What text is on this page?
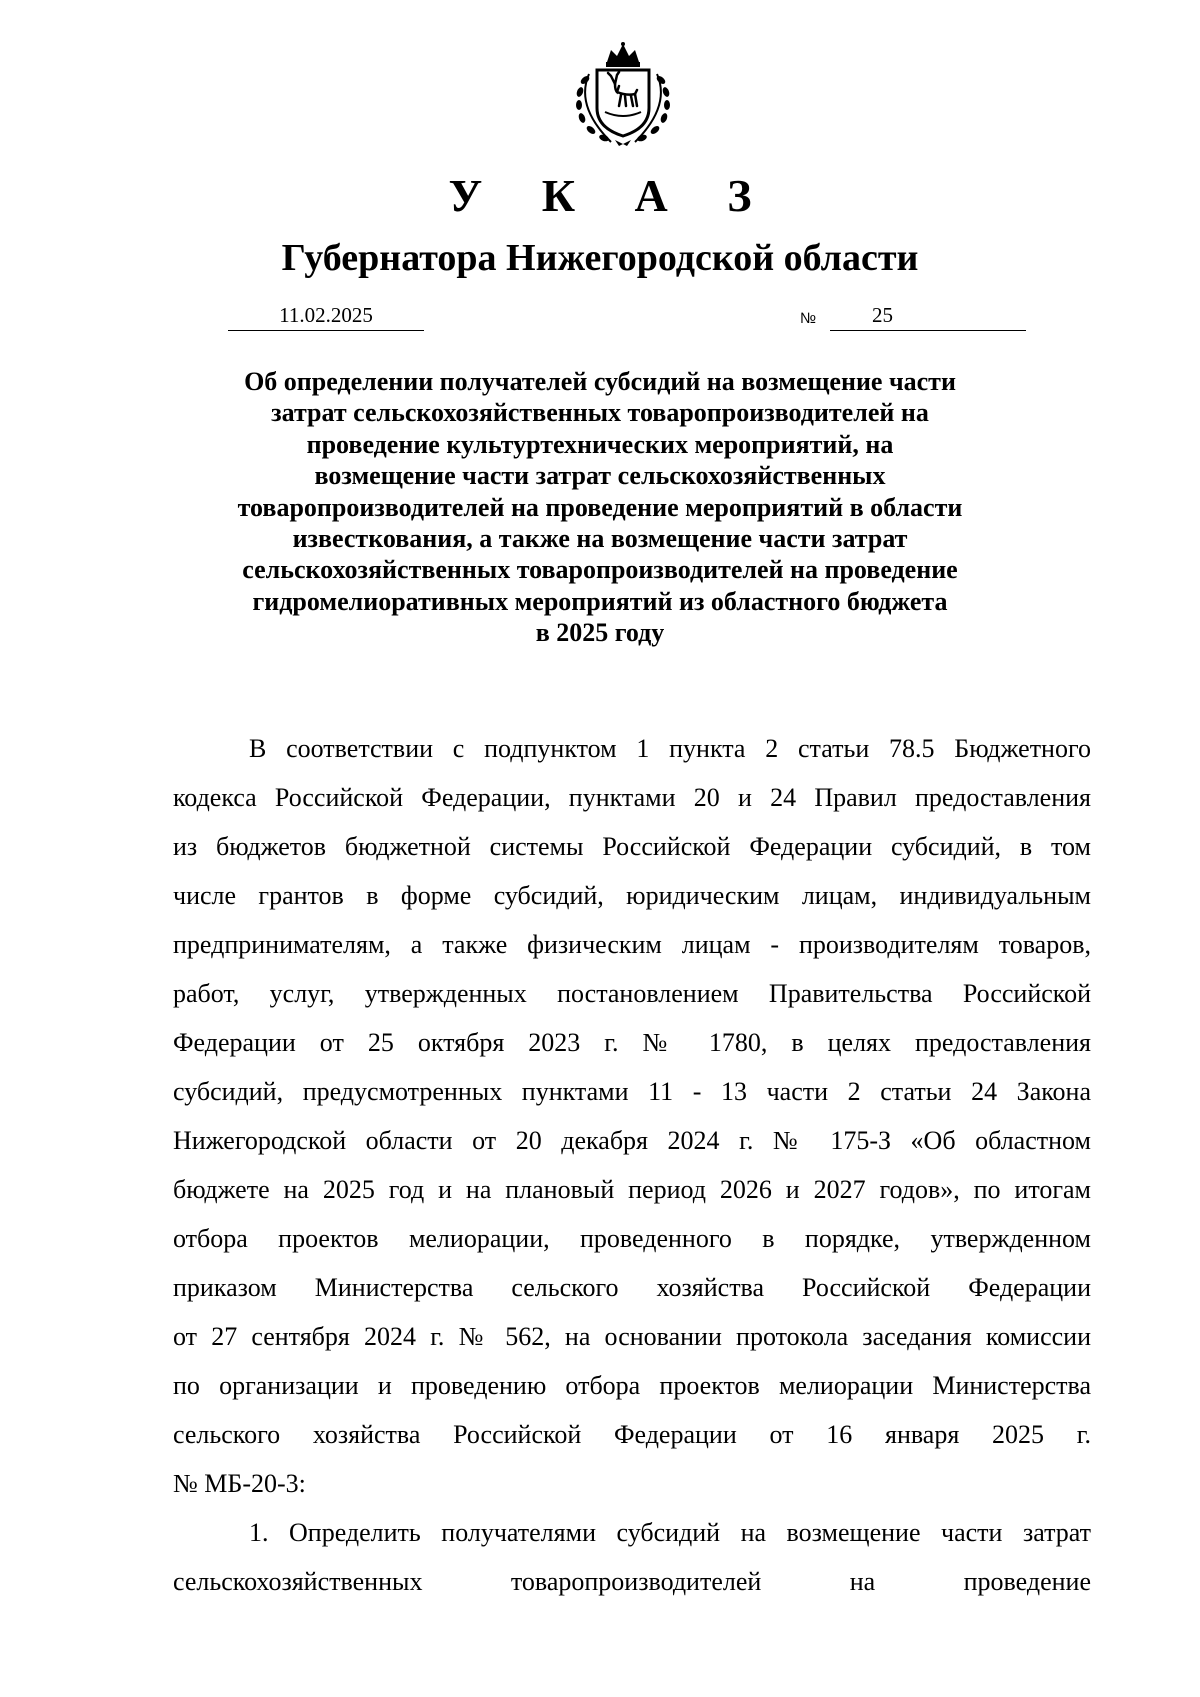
У К А З
Губернатора Нижегородской области
11.02.2025	№	25
Об определении получателей субсидий на возмещение части
затрат сельскохозяйственных товаропроизводителей на
проведение культуртехнических мероприятий, на
возмещение части затрат сельскохозяйственных
товаропроизводителей на проведение мероприятий в области
известкования, а также на возмещение части затрат
сельскохозяйственных товаропроизводителей на проведение
гидромелиоративных мероприятий из областного бюджета
в 2025 году
В соответствии с подпунктом 1 пункта 2 статьи 78.5 Бюджетного
кодекса Российской Федерации, пунктами 20 и 24 Правил предоставления
из бюджетов бюджетной системы Российской Федерации субсидий, в том
числе грантов в форме субсидий, юридическим лицам, индивидуальным
предпринимателям, а также физическим лицам - производителям товаров,
работ, услуг, утвержденных постановлением Правительства Российской
Федерации от 25 октября 2023 г. № 1780, в целях предоставления
субсидий, предусмотренных пунктами 11 - 13 части 2 статьи 24 Закона
Нижегородской области от 20 декабря 2024 г. № 175-З «Об областном
бюджете на 2025 год и на плановый период 2026 и 2027 годов», по итогам
отбора проектов мелиорации, проведенного в порядке, утвержденном
приказом Министерства сельского хозяйства Российской Федерации
от 27 сентября 2024 г. № 562, на основании протокола заседания комиссии
по организации и проведению отбора проектов мелиорации Министерства
сельского хозяйства Российской Федерации от 16 января 2025 г.
№ МБ-20-3:
1. Определить получателями субсидий на возмещение части затрат
сельскохозяйственных товаропроизводителей на проведение
